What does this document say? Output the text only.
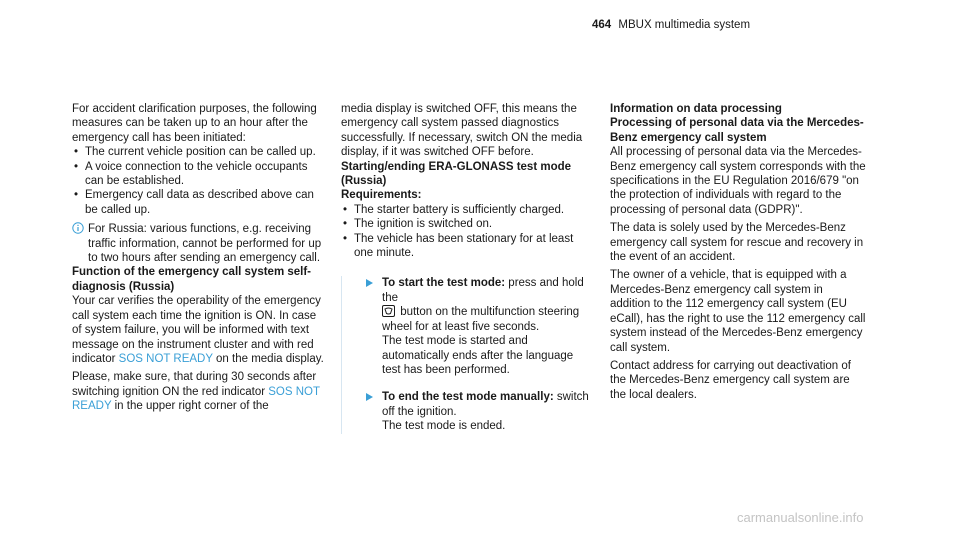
464 MBUX multimedia system

For accident clarification purposes, the following measures can be taken up to an hour after the emergency call has been initiated:

• The current vehicle position can be called up.
• A voice connection to the vehicle occupants can be established.
• Emergency call data as described above can be called up.
For Russia: various functions, e.g. receiving traffic information, cannot be performed for up to two hours after sending an emergency call.

Function of the emergency call system self-diagnosis (Russia)

Your car verifies the operability of the emergency call system each time the ignition is ON. In case of system failure, you will be informed with text message on the instrument cluster and with red indicator SOS NOT READY on the media display.

Please, make sure, that during 30 seconds after switching ignition ON the red indicator SOS NOT READY in the upper right corner of the

media display is switched OFF, this means the emergency call system passed diagnostics successfully. If necessary, switch ON the media display, if it was switched OFF before.

Starting/ending ERA-GLONASS test mode (Russia)

Requirements:

• The starter battery is sufficiently charged.
• The ignition is switched on.
• The vehicle has been stationary for at least one minute.
To start the test mode: press and hold the
button on the multifunction steering wheel for at least five seconds.
The test mode is started and automatically ends after the language test has been performed.
To end the test mode manually: switch off the ignition.
The test mode is ended.

Information on data processing

Processing of personal data via the Mercedes-Benz emergency call system

All processing of personal data via the Mercedes-Benz emergency call system corresponds with the specifications in the EU Regulation 2016/679 "on the protection of individuals with regard to the processing of personal data (GDPR)".

The data is solely used by the Mercedes-Benz emergency call system for rescue and recovery in the event of an accident.

The owner of a vehicle, that is equipped with a Mercedes-Benz emergency call system in addition to the 112 emergency call system (EU eCall), has the right to use the 112 emergency call system instead of the Mercedes-Benz emergency call system.

Contact address for carrying out deactivation of the Mercedes-Benz emergency call system are the local dealers.

carmanualsonline.info
